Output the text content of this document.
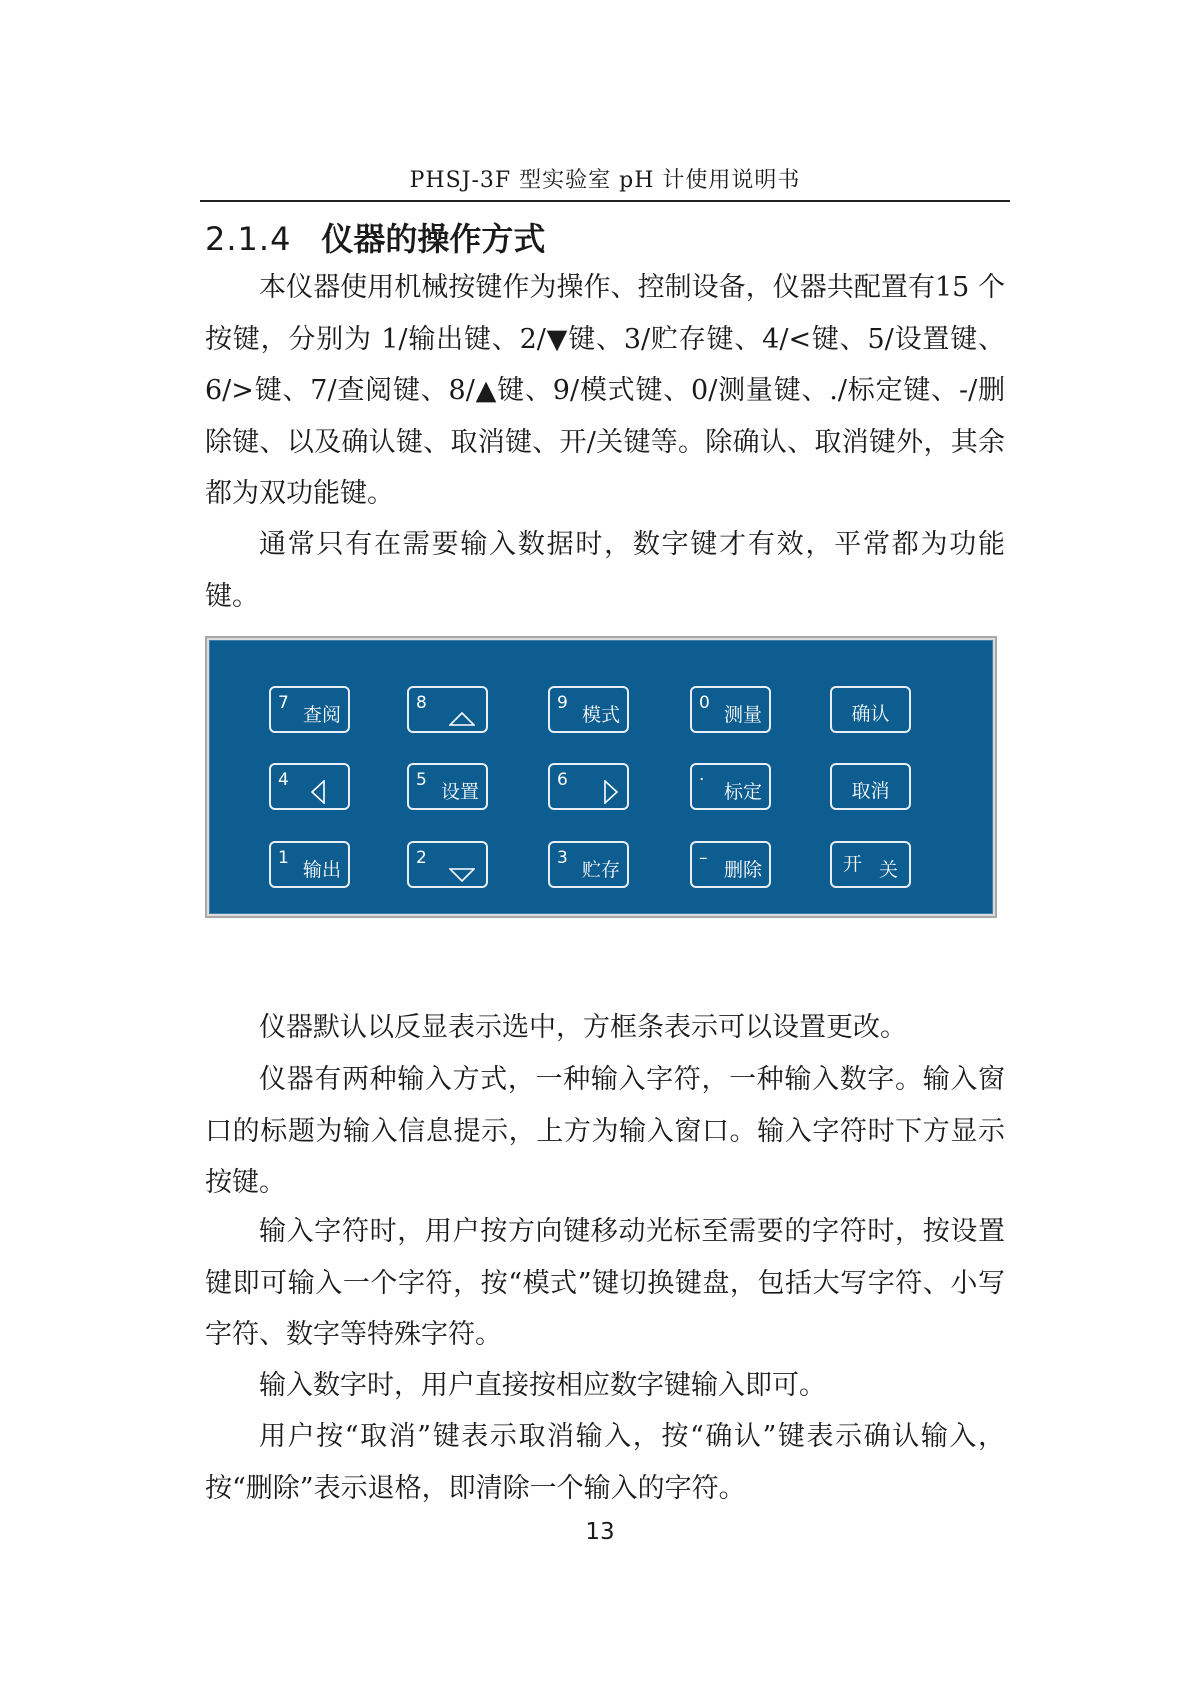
PHSJ-3F 型实验室 pH 计使用说明书
2.1.4 仪器的操作方式

本仪器使用机械按键作为操作、控制设备，仪器共配置有15 个按键，分别为 1/输出键、2/▼键、3/贮存键、4/<键、5/设置键、6/>键、7/查阅键、8/▲键、9/模式键、0/测量键、./标定键、-/删除键、以及确认键、取消键、开/关键等。除确认、取消键外，其余都为双功能键。

通常只有在需要输入数据时，数字键才有效，平常都为功能键。

7
查阅
8	9
模式
0
测量	确认
4	5
设置
6	·
标定	取消
1
输出
2	3
贮存
–
删除	开 关

仪器默认以反显表示选中，方框条表示可以设置更改。

仪器有两种输入方式，一种输入字符，一种输入数字。输入窗口的标题为输入信息提示，上方为输入窗口。输入字符时下方显示按键。

输入字符时，用户按方向键移动光标至需要的字符时，按设置键即可输入一个字符，按“模式”键切换键盘，包括大写字符、小写字符、数字等特殊字符。

输入数字时，用户直接按相应数字键输入即可。

用户按“取消”键表示取消输入，按“确认”键表示确认输入，按“删除”表示退格，即清除一个输入的字符。

13
